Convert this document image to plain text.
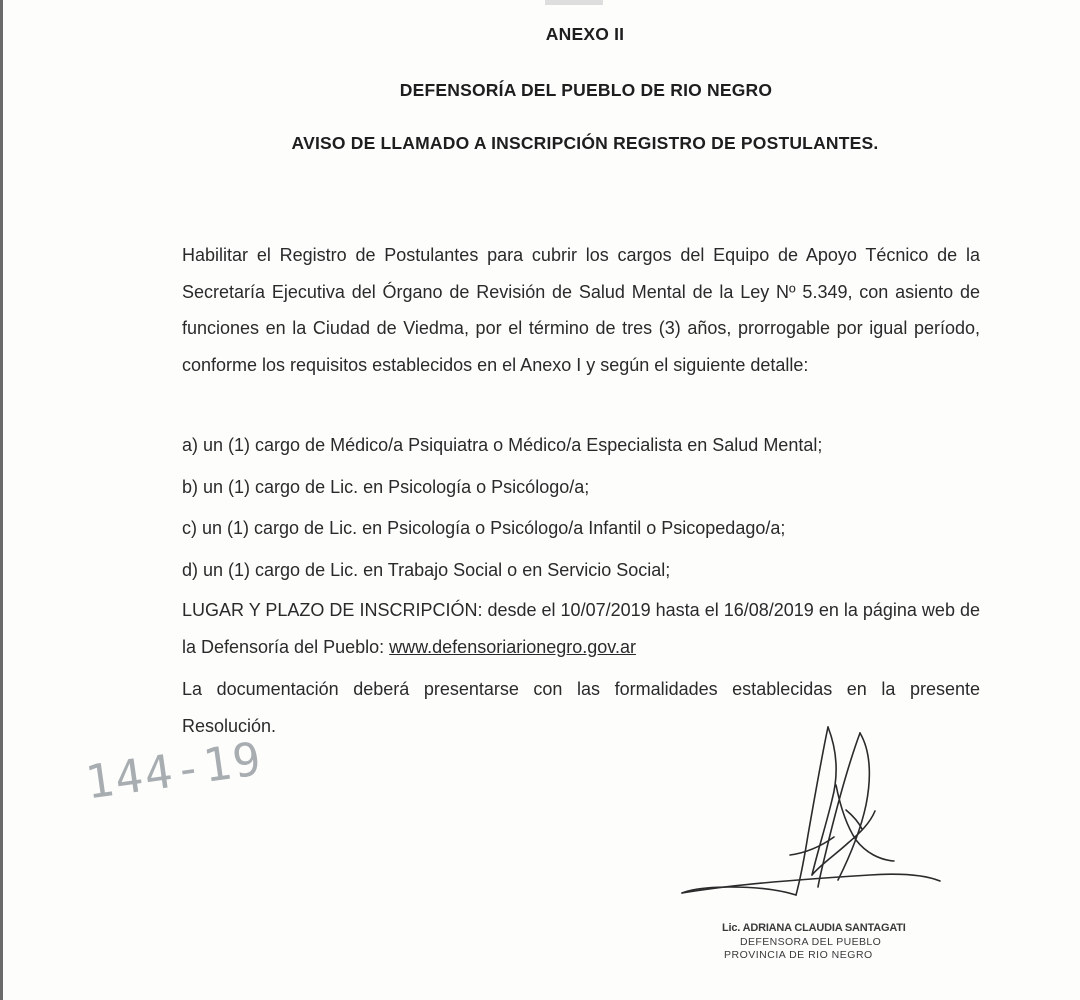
ANEXO II
DEFENSORÍA DEL PUEBLO DE RIO NEGRO
AVISO DE LLAMADO A INSCRIPCIÓN REGISTRO DE POSTULANTES.
Habilitar el Registro de Postulantes para cubrir los cargos del Equipo de Apoyo Técnico de la Secretaría Ejecutiva del Órgano de Revisión de Salud Mental de la Ley Nº 5.349, con asiento de funciones en la Ciudad de Viedma, por el término de tres (3) años, prorrogable por igual período, conforme los requisitos establecidos en el Anexo I y según el siguiente detalle:
a) un (1) cargo de Médico/a Psiquiatra o Médico/a Especialista en Salud Mental;
b) un (1) cargo de Lic. en Psicología o Psicólogo/a;
c) un (1) cargo de Lic. en Psicología o Psicólogo/a Infantil o Psicopedago/a;
d) un (1) cargo de Lic. en Trabajo Social o en Servicio Social;
LUGAR Y PLAZO DE INSCRIPCIÓN: desde el 10/07/2019 hasta el 16/08/2019 en la página web de la Defensoría del Pueblo: www.defensoriarionegro.gov.ar
La documentación deberá presentarse con las formalidades establecidas en la presente Resolución.
144-19
Lic. ADRIANA CLAUDIA SANTAGATI
DEFENSORA DEL PUEBLO
PROVINCIA DE RIO NEGRO
